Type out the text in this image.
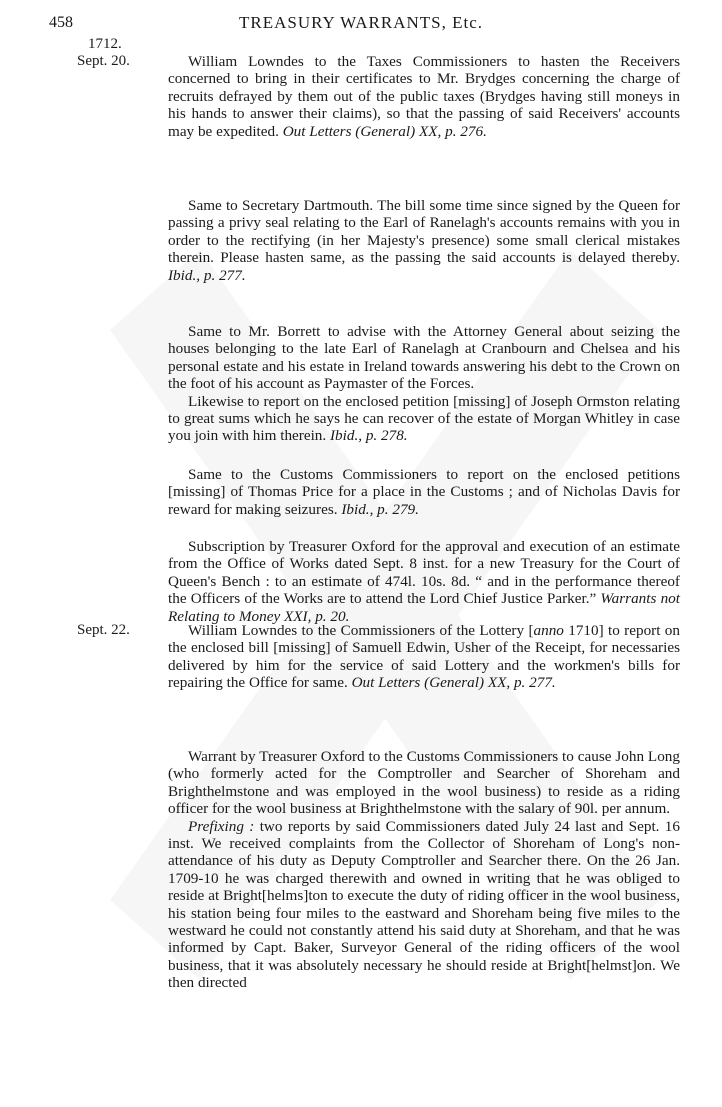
458	TREASURY WARRANTS, Etc.
1712.
Sept. 20.
Sept. 22.

William Lowndes to the Taxes Commissioners to hasten the Receivers concerned to bring in their certificates to Mr. Brydges concerning the charge of recruits defrayed by them out of the public taxes (Brydges having still moneys in his hands to answer their claims), so that the passing of said Receivers' accounts may be expedited. Out Letters (General) XX, p. 276.

Same to Secretary Dartmouth. The bill some time since signed by the Queen for passing a privy seal relating to the Earl of Ranelagh's accounts remains with you in order to the rectifying (in her Majesty's presence) some small clerical mistakes therein. Please hasten same, as the passing the said accounts is delayed thereby. Ibid., p. 277.

Same to Mr. Borrett to advise with the Attorney General about seizing the houses belonging to the late Earl of Ranelagh at Cranbourn and Chelsea and his personal estate and his estate in Ireland towards answering his debt to the Crown on the foot of his account as Paymaster of the Forces.

Likewise to report on the enclosed petition [missing] of Joseph Ormston relating to great sums which he says he can recover of the estate of Morgan Whitley in case you join with him therein. Ibid., p. 278.

Same to the Customs Commissioners to report on the enclosed petitions [missing] of Thomas Price for a place in the Customs ; and of Nicholas Davis for reward for making seizures. Ibid., p. 279.

Subscription by Treasurer Oxford for the approval and execution of an estimate from the Office of Works dated Sept. 8 inst. for a new Treasury for the Court of Queen's Bench : to an estimate of 474l. 10s. 8d. “ and in the performance thereof the Officers of the Works are to attend the Lord Chief Justice Parker.” Warrants not Relating to Money XXI, p. 20.

William Lowndes to the Commissioners of the Lottery [anno 1710] to report on the enclosed bill [missing] of Samuell Edwin, Usher of the Receipt, for necessaries delivered by him for the service of said Lottery and the workmen's bills for repairing the Office for same. Out Letters (General) XX, p. 277.

Warrant by Treasurer Oxford to the Customs Commissioners to cause John Long (who formerly acted for the Comptroller and Searcher of Shoreham and Brighthelmstone and was employed in the wool business) to reside as a riding officer for the wool business at Brighthelmstone with the salary of 90l. per annum.

Prefixing : two reports by said Commissioners dated July 24 last and Sept. 16 inst. We received complaints from the Collector of Shoreham of Long's non-attendance of his duty as Deputy Comptroller and Searcher there. On the 26 Jan. 1709-10 he was charged therewith and owned in writing that he was obliged to reside at Bright[helms]ton to execute the duty of riding officer in the wool business, his station being four miles to the eastward and Shoreham being five miles to the westward he could not constantly attend his said duty at Shoreham, and that he was informed by Capt. Baker, Surveyor General of the riding officers of the wool business, that it was absolutely necessary he should reside at Bright[helmst]on. We then directed
